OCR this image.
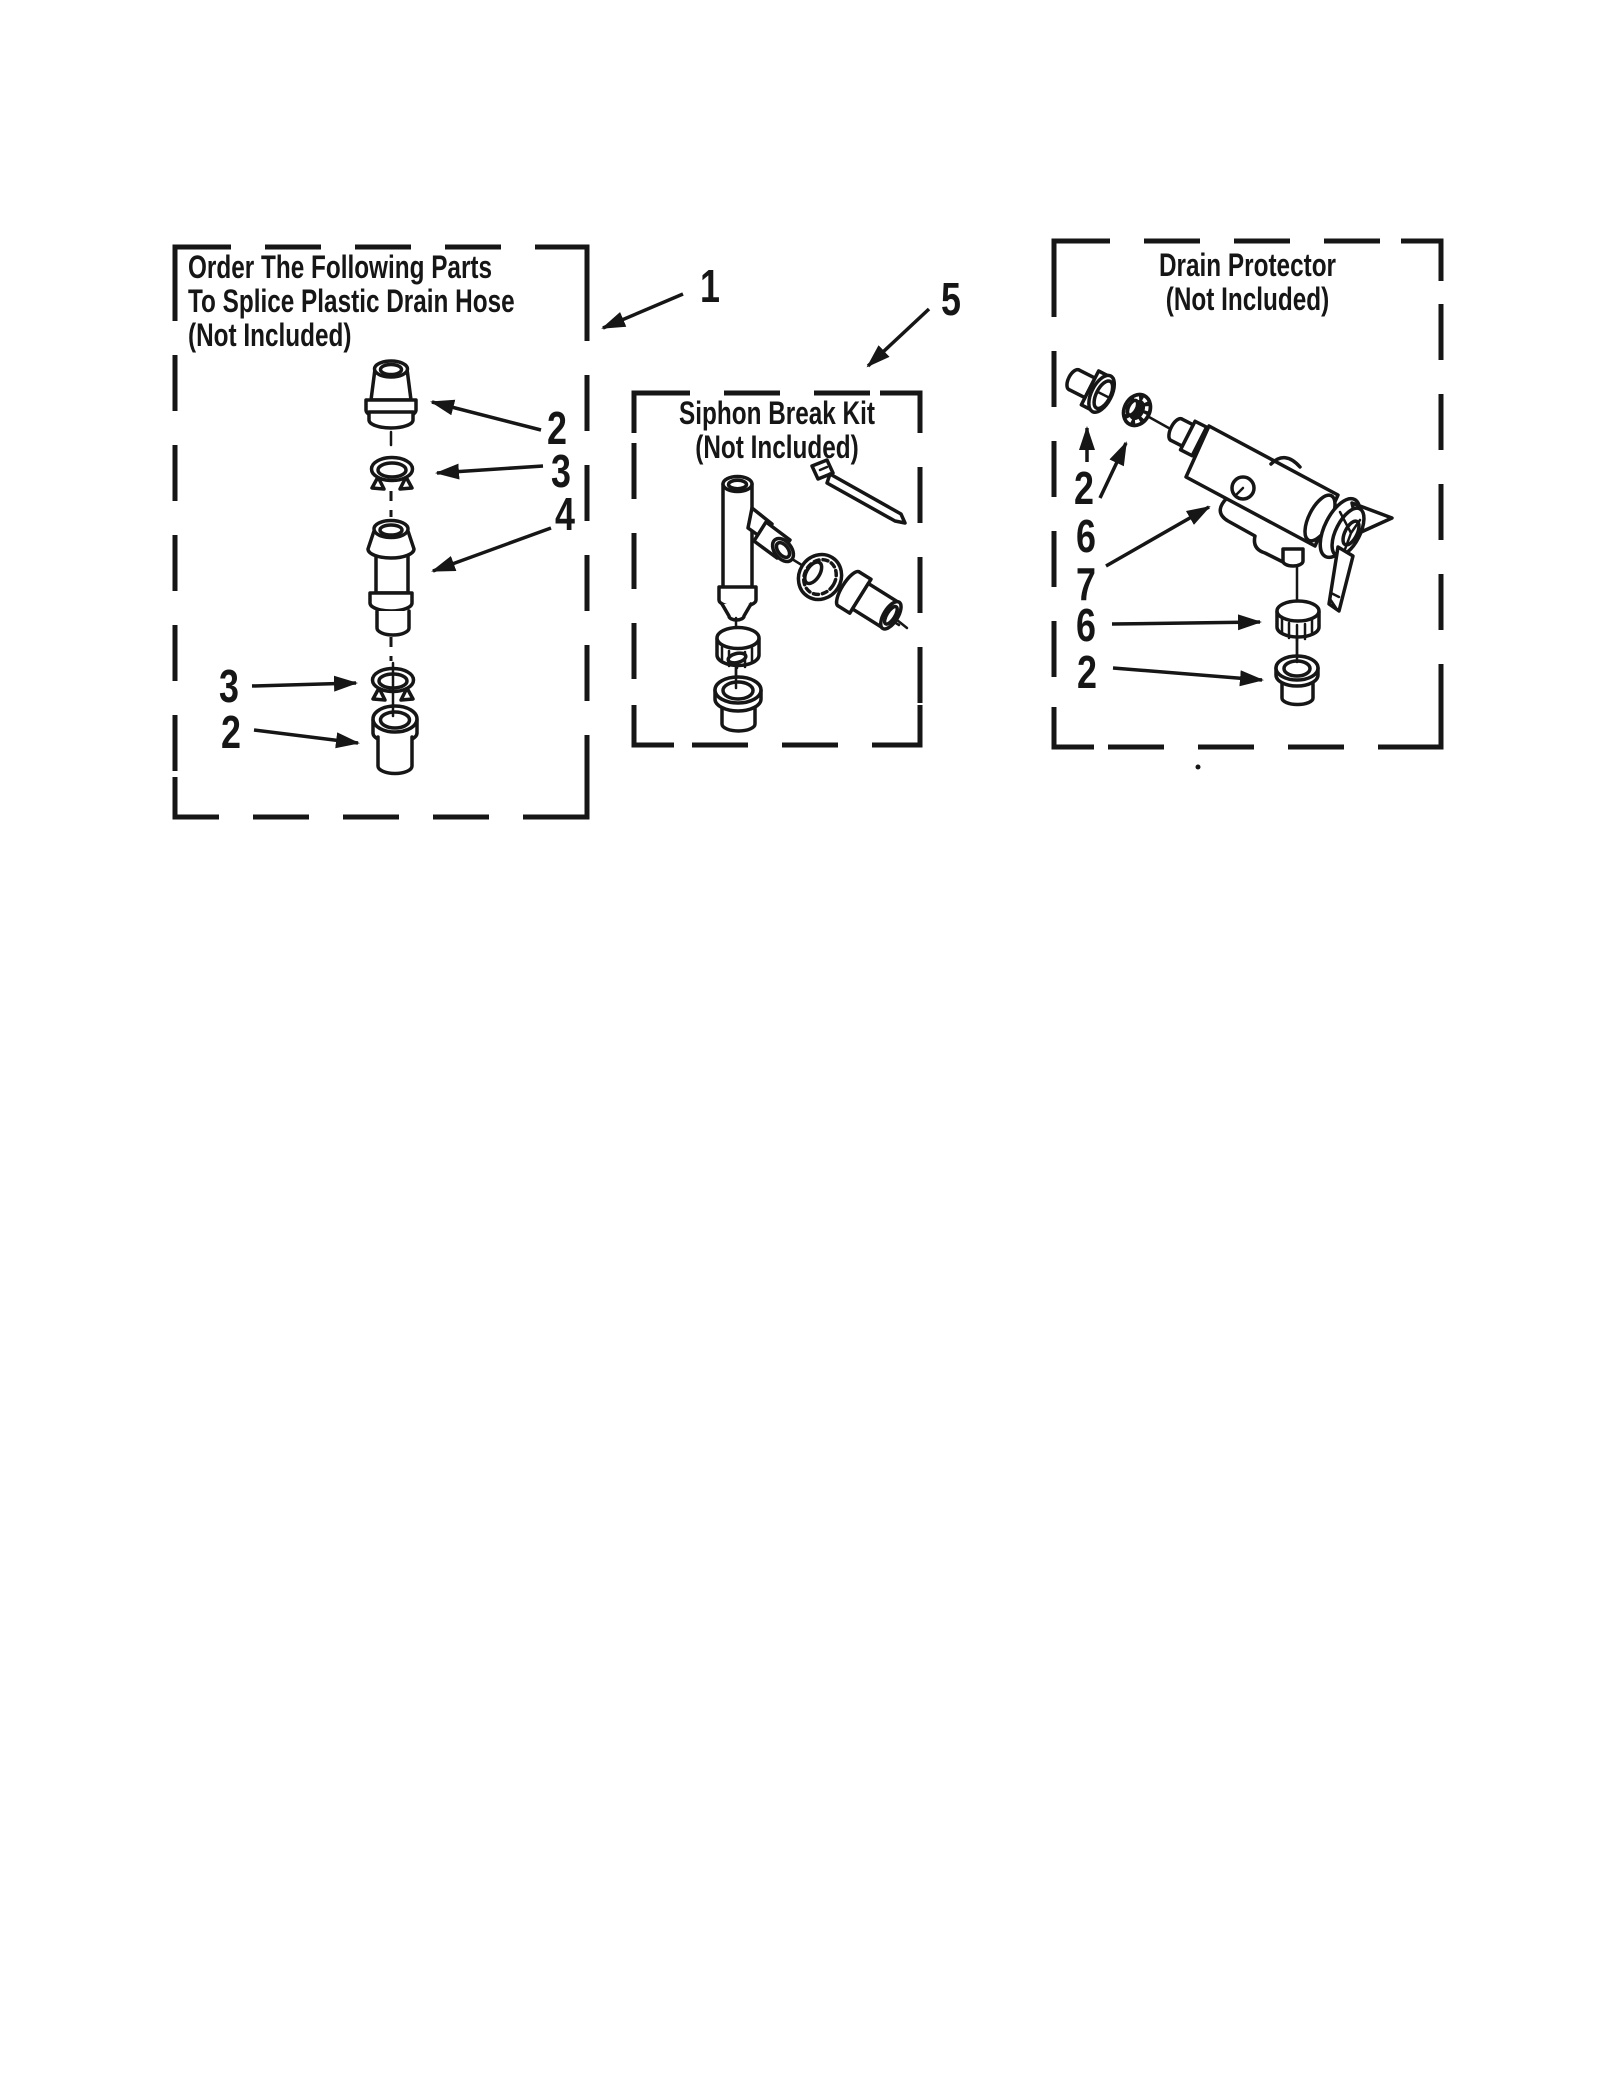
Order The Following Parts
To Splice Plastic Drain Hose
(Not Included)
Siphon Break Kit
(Not Included)
Drain Protector
(Not Included)
1	5
2
3
4
3
2
2
6
7
6
2
